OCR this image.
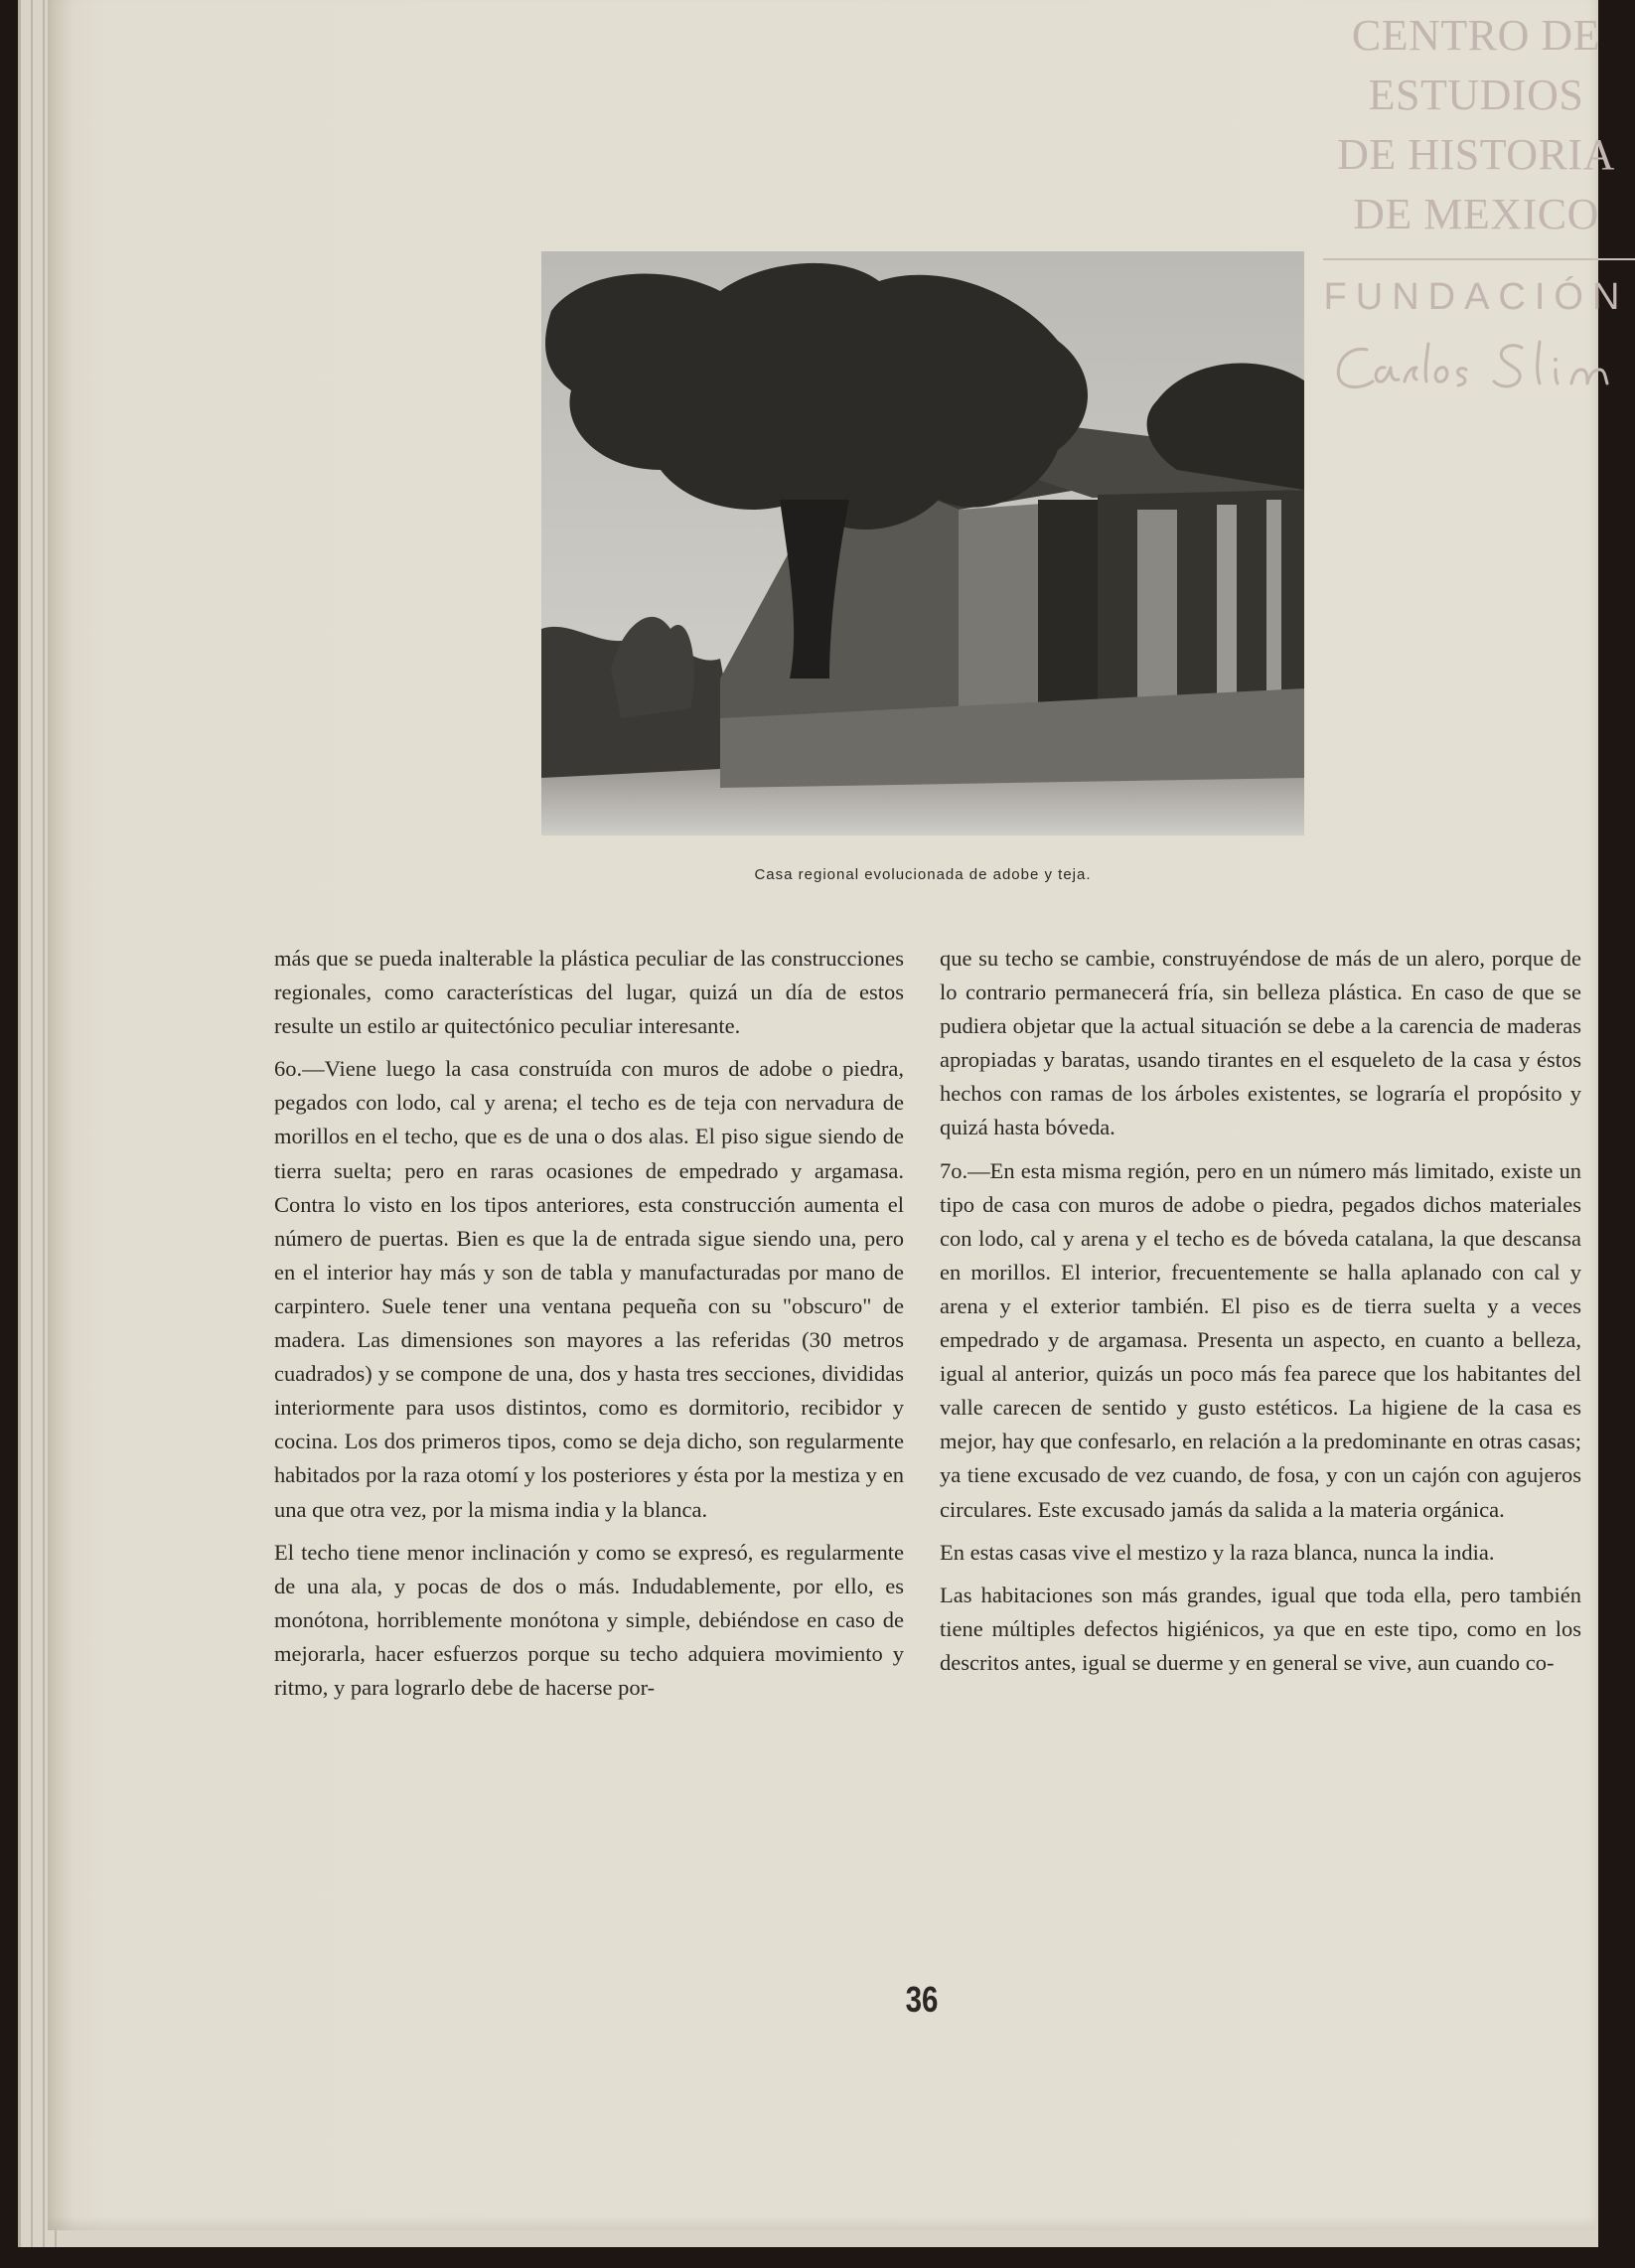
CENTRO DE
ESTUDIOS
DE HISTORIA
DE MEXICO
FUNDACIÓN
Casa regional evolucionada de adobe y teja.

más que se pueda inalterable la plástica peculiar de las construcciones regionales, como características del lugar, quizá un día de estos resulte un estilo ar quitectónico peculiar interesante.

6o.—Viene luego la casa construída con muros de adobe o piedra, pegados con lodo, cal y arena; el techo es de teja con nervadura de morillos en el techo, que es de una o dos alas. El piso sigue siendo de tierra suelta; pero en raras ocasiones de empedrado y argamasa. Contra lo visto en los tipos anteriores, esta construcción aumenta el número de puertas. Bien es que la de entrada sigue siendo una, pero en el interior hay más y son de tabla y manufacturadas por mano de carpintero. Suele tener una ventana pequeña con su "obscuro" de madera. Las dimensiones son mayores a las referidas (30 metros cuadrados) y se compone de una, dos y hasta tres secciones, divididas interiormente para usos distintos, como es dormitorio, recibidor y cocina. Los dos primeros tipos, como se deja dicho, son regularmente habitados por la raza otomí y los posteriores y ésta por la mestiza y en una que otra vez, por la misma india y la blanca.

El techo tiene menor inclinación y como se expresó, es regularmente de una ala, y pocas de dos o más. Indudablemente, por ello, es monótona, horriblemente monótona y simple, debiéndose en caso de mejorarla, hacer esfuerzos porque su techo adquiera movimiento y ritmo, y para lograrlo debe de hacerse por-

que su techo se cambie, construyéndose de más de un alero, porque de lo contrario permanecerá fría, sin belleza plástica. En caso de que se pudiera objetar que la actual situación se debe a la carencia de maderas apropiadas y baratas, usando tirantes en el esqueleto de la casa y éstos hechos con ramas de los árboles existentes, se lograría el propósito y quizá hasta bóveda.

7o.—En esta misma región, pero en un número más limitado, existe un tipo de casa con muros de adobe o piedra, pegados dichos materiales con lodo, cal y arena y el techo es de bóveda catalana, la que descansa en morillos. El interior, frecuentemente se halla aplanado con cal y arena y el exterior también. El piso es de tierra suelta y a veces empedrado y de argamasa. Presenta un aspecto, en cuanto a belleza, igual al anterior, quizás un poco más fea parece que los habitantes del valle carecen de sentido y gusto estéticos. La higiene de la casa es mejor, hay que confesarlo, en relación a la predominante en otras casas; ya tiene excusado de vez cuando, de fosa, y con un cajón con agujeros circulares. Este excusado jamás da salida a la materia orgánica.

En estas casas vive el mestizo y la raza blanca, nunca la india.

Las habitaciones son más grandes, igual que toda ella, pero también tiene múltiples defectos higiénicos, ya que en este tipo, como en los descritos antes, igual se duerme y en general se vive, aun cuando co-

36
